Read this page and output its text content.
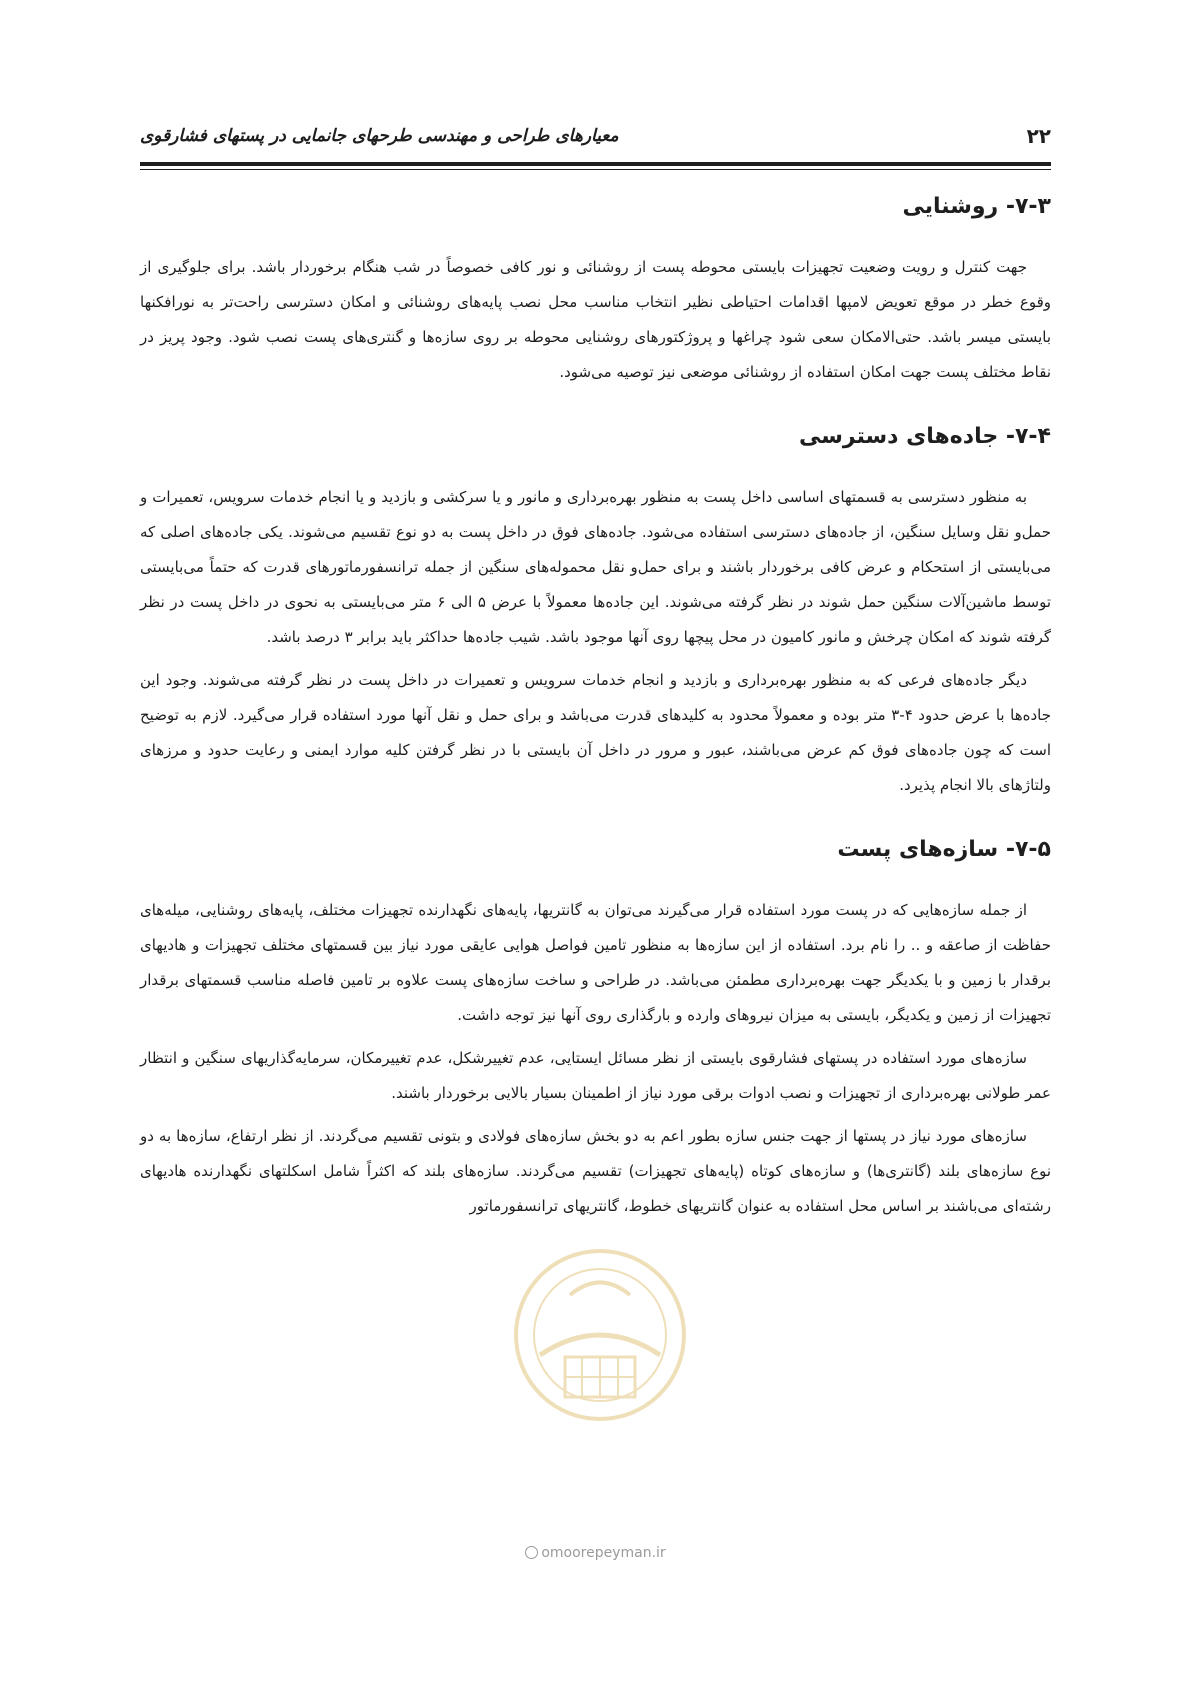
۲۲
معیارهای طراحی و مهندسی طرحهای جانمایی در پستهای فشارقوی
۷-۳- روشنایی

جهت کنترل و رویت وضعیت تجهیزات بایستی محوطه پست از روشنائی و نور کافی خصوصاً در شب هنگام برخوردار باشد. برای جلوگیری از وقوع خطر در موقع تعویض لامپها اقدامات احتیاطی نظیر انتخاب مناسب محل نصب پایه‌های روشنائی و امکان دسترسی راحت‌تر به نورافکنها بایستی میسر باشد. حتی‌الامکان سعی شود چراغها و پروژکتورهای روشنایی محوطه بر روی سازه‌ها و گنتری‌های پست نصب شود. وجود پریز در نقاط مختلف پست جهت امکان استفاده از روشنائی موضعی نیز توصیه می‌شود.

۷-۴- جاده‌های دسترسی

به منظور دسترسی به قسمتهای اساسی داخل پست به منظور بهره‌برداری و مانور و یا سرکشی و بازدید و یا انجام خدمات سرویس، تعمیرات و حمل‌و نقل وسایل سنگین، از جاده‌های دسترسی استفاده می‌شود. جاده‌های فوق در داخل پست به دو نوع تقسیم می‌شوند. یکی جاده‌های اصلی که می‌بایستی از استحکام و عرض کافی برخوردار باشند و برای حمل‌و نقل محموله‌های سنگین از جمله ترانسفورماتورهای قدرت که حتماً می‌بایستی توسط ماشین‌آلات سنگین حمل شوند در نظر گرفته می‌شوند. این جاده‌ها معمولاً با عرض ۵ الی ۶ متر می‌بایستی به نحوی در داخل پست در نظر گرفته شوند که امکان چرخش و مانور کامیون در محل پیچها روی آنها موجود باشد. شیب جاده‌ها حداکثر باید برابر ۳ درصد باشد.

دیگر جاده‌های فرعی که به منظور بهره‌برداری و بازدید و انجام خدمات سرویس و تعمیرات در داخل پست در نظر گرفته می‌شوند. وجود این جاده‌ها با عرض حدود ۴-۳ متر بوده و معمولاً محدود به کلیدهای قدرت می‌باشد و برای حمل و نقل آنها مورد استفاده قرار می‌گیرد. لازم به توضیح است که چون جاده‌های فوق کم عرض می‌باشند، عبور و مرور در داخل آن بایستی با در نظر گرفتن کلیه موارد ایمنی و رعایت حدود و مرزهای ولتاژهای بالا انجام پذیرد.

۷-۵- سازه‌های پست

از جمله سازه‌هایی که در پست مورد استفاده قرار می‌گیرند می‌توان به گانتریها، پایه‌های نگهدارنده تجهیزات مختلف، پایه‌های روشنایی، میله‌های حفاظت از صاعقه و .. را نام برد. استفاده از این سازه‌ها به منظور تامین فواصل هوایی عایقی مورد نیاز بین قسمتهای مختلف تجهیزات و هادیهای برقدار با زمین و با یکدیگر جهت بهره‌برداری مطمئن می‌باشد. در طراحی و ساخت سازه‌های پست علاوه بر تامین فاصله مناسب قسمتهای برقدار تجهیزات از زمین و یکدیگر، بایستی به میزان نیروهای وارده و بارگذاری روی آنها نیز توجه داشت.

سازه‌های مورد استفاده در پستهای فشارقوی بایستی از نظر مسائل ایستایی، عدم تغییرشکل، عدم تغییرمکان، سرمایه‌گذاریهای سنگین و انتظار عمر طولانی بهره‌برداری از تجهیزات و نصب ادوات برقی مورد نیاز از اطمینان بسیار بالایی برخوردار باشند.

سازه‌های مورد نیاز در پستها از جهت جنس سازه بطور اعم به دو بخش سازه‌های فولادی و بتونی تقسیم می‌گردند. از نظر ارتفاع، سازه‌ها به دو نوع سازه‌های بلند (گانتری‌ها) و سازه‌های کوتاه (پایه‌های تجهیزات) تقسیم می‌گردند. سازه‌های بلند که اکثراً شامل اسکلتهای نگهدارنده هادیهای رشته‌ای می‌باشند بر اساس محل استفاده به عنوان گانتریهای خطوط، گانتریهای ترانسفورماتور

omoorepeyman.ir
